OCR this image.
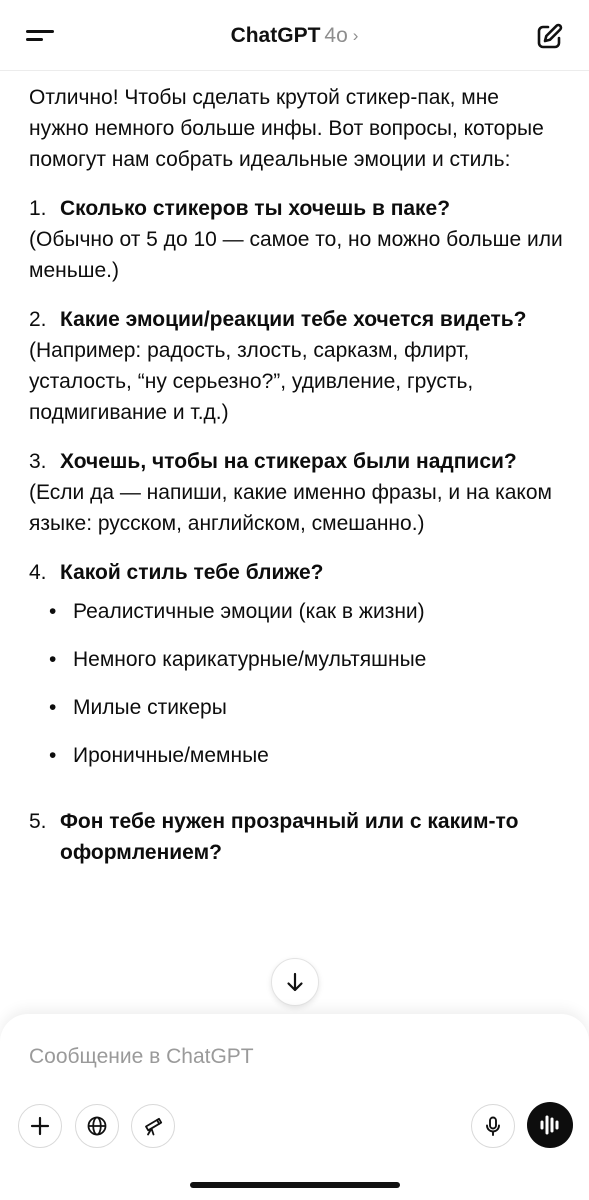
ChatGPT 4o ›

Отлично! Чтобы сделать крутой стикер-пак, мне нужно немного больше инфы. Вот вопросы, которые помогут нам собрать идеальные эмоции и стиль:

1. Сколько стикеров ты хочешь в паке?
(Обычно от 5 до 10 — самое то, но можно больше или меньше.)
2. Какие эмоции/реакции тебе хочется видеть?
(Например: радость, злость, сарказм, флирт, усталость, “ну серьезно?”, удивление, грусть, подмигивание и т.д.)
3. Хочешь, чтобы на стикерах были надписи?
(Если да — напиши, какие именно фразы, и на каком языке: русском, английском, смешанно.)
4. Какой стиль тебе ближе?
• Реалистичные эмоции (как в жизни)
• Немного карикатурные/мультяшные
• Милые стикеры
• Ироничные/мемные
5. Фон тебе нужен прозрачный или с каким-то оформлением?
Сообщение в ChatGPT
